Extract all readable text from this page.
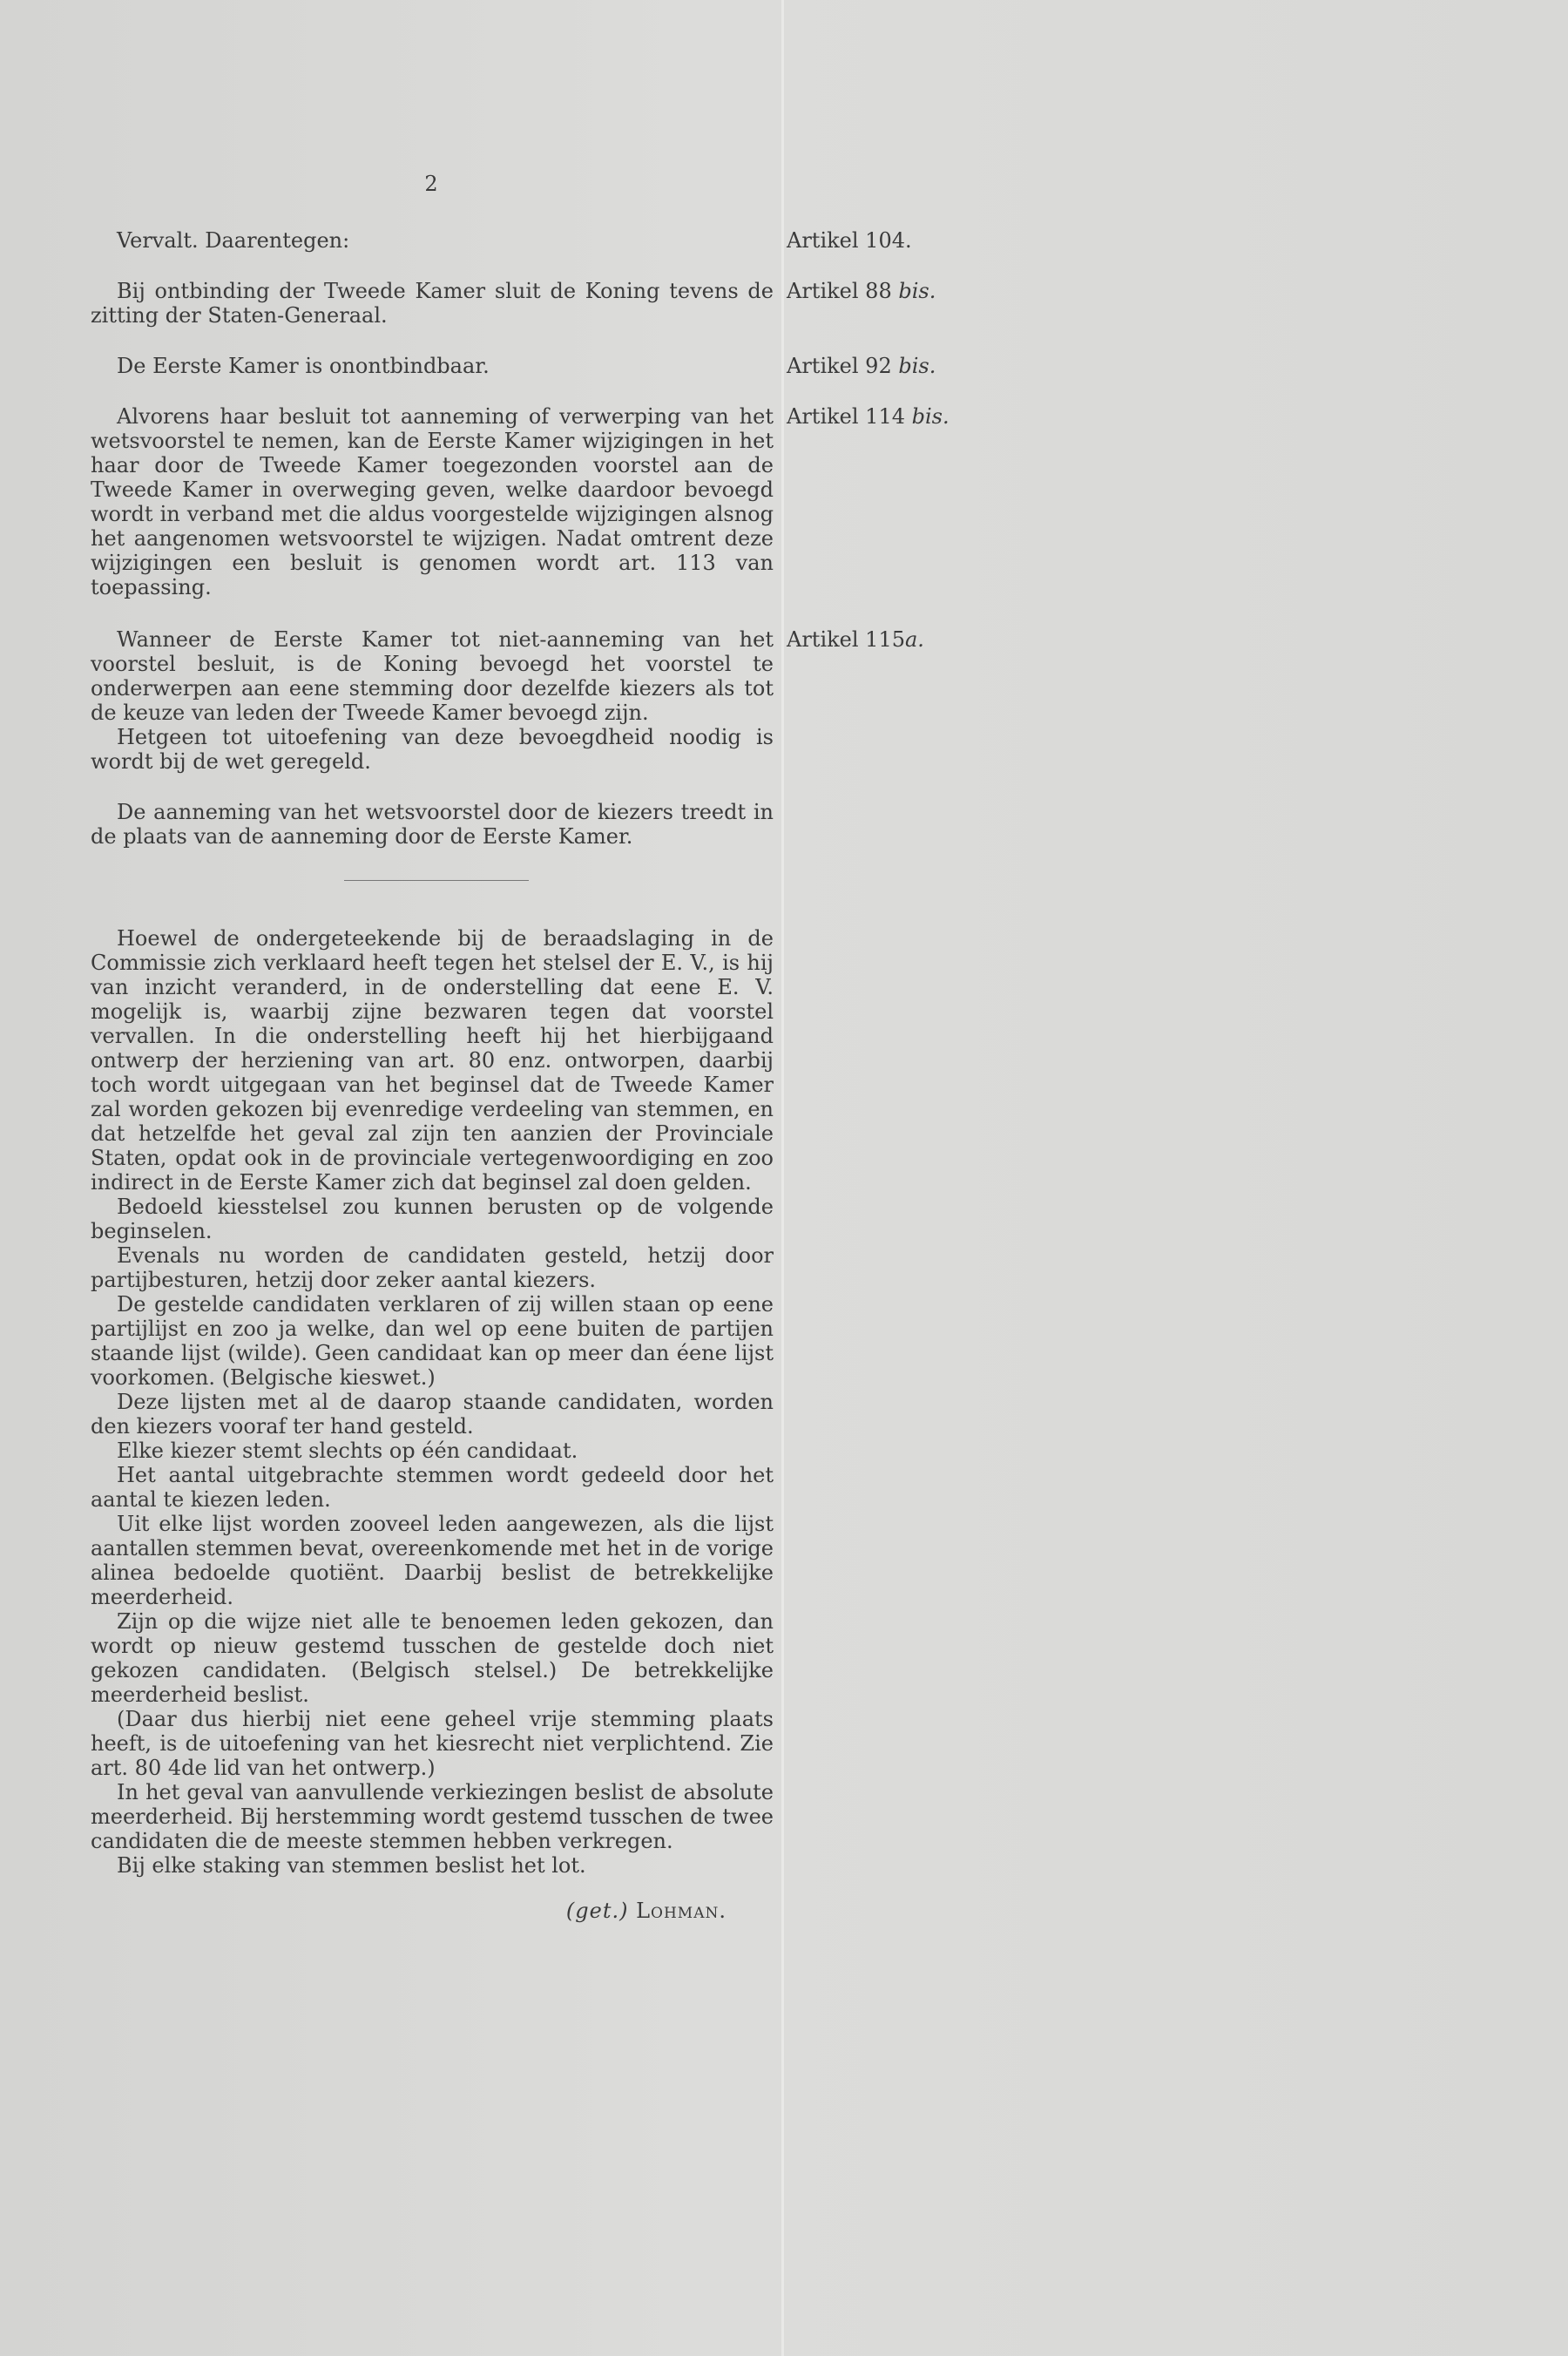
2

Vervalt. Daarentegen:	Artikel 104.

Bij ontbinding der Tweede Kamer sluit de Koning tevens de zitting der Staten-Generaal.

Artikel 88 bis.

De Eerste Kamer is onontbindbaar.	Artikel 92 bis.

Alvorens haar besluit tot aanneming of verwerping van het wetsvoorstel te nemen, kan de Eerste Kamer wijzigingen in het haar door de Tweede Kamer toegezonden voorstel aan de Tweede Kamer in overweging geven, welke daardoor bevoegd wordt in verband met die aldus voorgestelde wijzigingen alsnog het aangenomen wetsvoorstel te wijzigen. Nadat omtrent deze wijzigingen een besluit is genomen wordt art. 113 van toepassing.

Artikel 114 bis.

Wanneer de Eerste Kamer tot niet-aanneming van het voorstel besluit, is de Koning bevoegd het voorstel te onderwerpen aan eene stemming door dezelfde kiezers als tot de keuze van leden der Tweede Kamer bevoegd zijn.

Hetgeen tot uitoefening van deze bevoegdheid noodig is wordt bij de wet geregeld.

Artikel 115a.

De aanneming van het wetsvoorstel door de kiezers treedt in de plaats van de aanneming door de Eerste Kamer.

Hoewel de ondergeteekende bij de beraadslaging in de Commissie zich verklaard heeft tegen het stelsel der E. V., is hij van inzicht veranderd, in de onderstelling dat eene E. V. mogelijk is, waarbij zijne bezwaren tegen dat voorstel vervallen. In die onderstelling heeft hij het hierbijgaand ontwerp der herziening van art. 80 enz. ontworpen, daarbij toch wordt uitgegaan van het beginsel dat de Tweede Kamer zal worden gekozen bij evenredige verdeeling van stemmen, en dat hetzelfde het geval zal zijn ten aanzien der Provinciale Staten, opdat ook in de provinciale vertegenwoordiging en zoo indirect in de Eerste Kamer zich dat beginsel zal doen gelden.

Bedoeld kiesstelsel zou kunnen berusten op de volgende beginselen.

Evenals nu worden de candidaten gesteld, hetzij door partijbesturen, hetzij door zeker aantal kiezers.

De gestelde candidaten verklaren of zij willen staan op eene partijlijst en zoo ja welke, dan wel op eene buiten de partijen staande lijst (wilde). Geen candidaat kan op meer dan éene lijst voorkomen. (Belgische kieswet.)

Deze lijsten met al de daarop staande candidaten, worden den kiezers vooraf ter hand gesteld.

Elke kiezer stemt slechts op één candidaat.

Het aantal uitgebrachte stemmen wordt gedeeld door het aantal te kiezen leden.

Uit elke lijst worden zooveel leden aangewezen, als die lijst aantallen stemmen bevat, overeenkomende met het in de vorige alinea bedoelde quotiënt. Daarbij beslist de betrekkelijke meerderheid.

Zijn op die wijze niet alle te benoemen leden gekozen, dan wordt op nieuw gestemd tusschen de gestelde doch niet gekozen candidaten. (Belgisch stelsel.) De betrekkelijke meerderheid beslist.

(Daar dus hierbij niet eene geheel vrije stemming plaats heeft, is de uitoefening van het kiesrecht niet verplichtend. Zie art. 80 4de lid van het ontwerp.)

In het geval van aanvullende verkiezingen beslist de absolute meerderheid. Bij herstemming wordt gestemd tusschen de twee candidaten die de meeste stemmen hebben verkregen.

Bij elke staking van stemmen beslist het lot.

(get.) Lohman.
